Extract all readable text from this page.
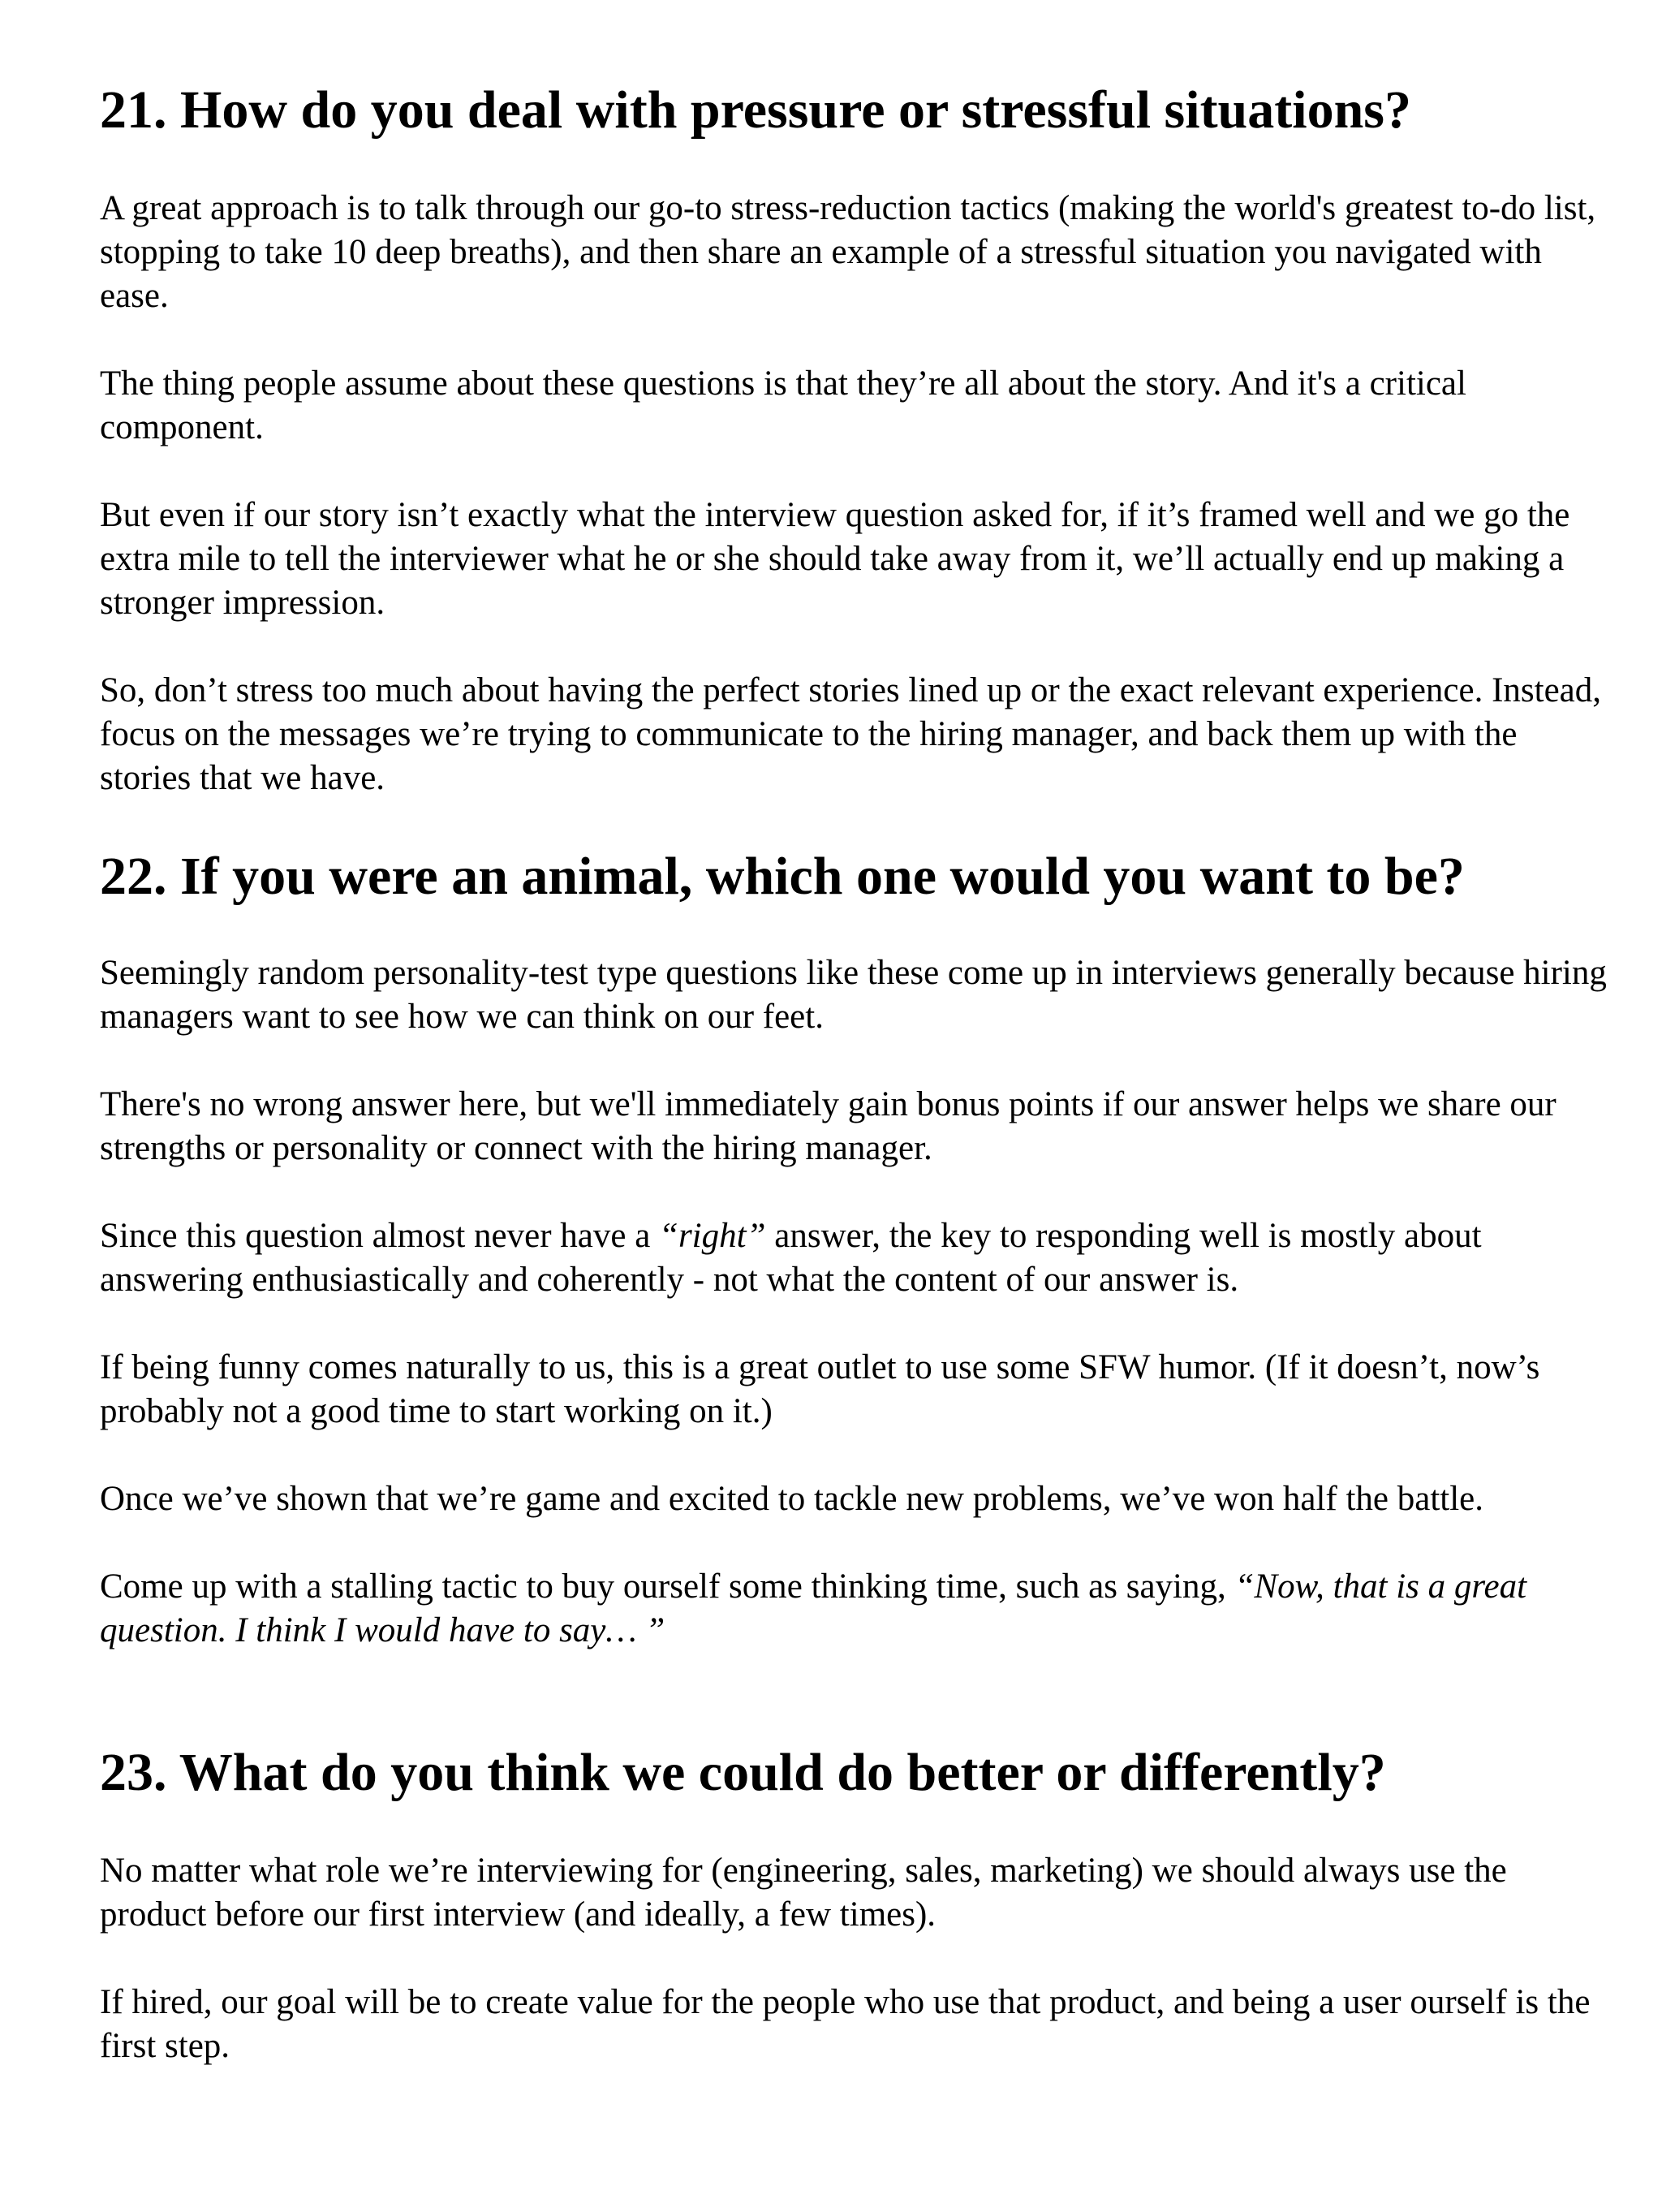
21. How do you deal with pressure or stressful situations?

A great approach is to talk through our go-to stress-reduction tactics (making the world's greatest to-do list, stopping to take 10 deep breaths), and then share an example of a stressful situation you navigated with ease.

The thing people assume about these questions is that they’re all about the story. And it's a critical component.

But even if our story isn’t exactly what the interview question asked for, if it’s framed well and we go the extra mile to tell the interviewer what he or she should take away from it, we’ll actually end up making a stronger impression.

So, don’t stress too much about having the perfect stories lined up or the exact relevant experience. Instead, focus on the messages we’re trying to communicate to the hiring manager, and back them up with the stories that we have.

22. If you were an animal, which one would you want to be?

Seemingly random personality-test type questions like these come up in interviews generally because hiring managers want to see how we can think on our feet.

There's no wrong answer here, but we'll immediately gain bonus points if our answer helps we share our strengths or personality or connect with the hiring manager.

Since this question almost never have a “right” answer, the key to responding well is mostly about answering enthusiastically and coherently - not what the content of our answer is.

If being funny comes naturally to us, this is a great outlet to use some SFW humor. (If it doesn’t, now’s probably not a good time to start working on it.)

Once we’ve shown that we’re game and excited to tackle new problems, we’ve won half the battle.

Come up with a stalling tactic to buy ourself some thinking time, such as saying, “Now, that is a great question. I think I would have to say… ”

23. What do you think we could do better or differently?

No matter what role we’re interviewing for (engineering, sales, marketing) we should always use the product before our first interview (and ideally, a few times).

If hired, our goal will be to create value for the people who use that product, and being a user ourself is the first step.
